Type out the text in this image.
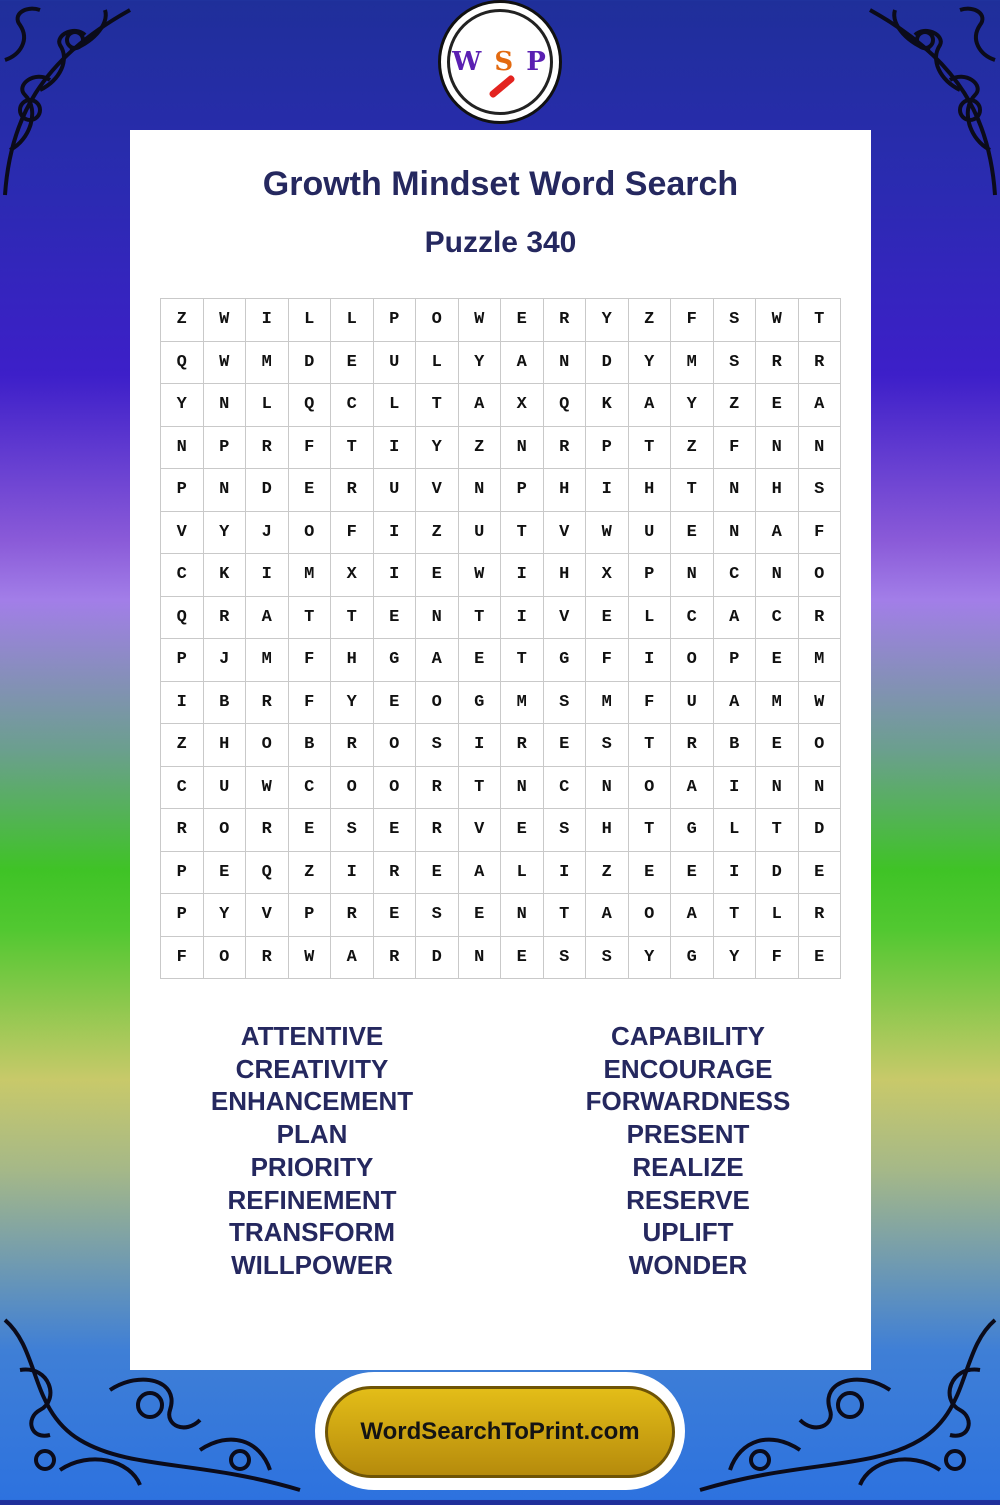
W S P
Growth Mindset Word Search
Puzzle 340
Z	W	I	L	L	P	O	W	E	R	Y	Z	F	S	W	T
Q	W	M	D	E	U	L	Y	A	N	D	Y	M	S	R	R
Y	N	L	Q	C	L	T	A	X	Q	K	A	Y	Z	E	A
N	P	R	F	T	I	Y	Z	N	R	P	T	Z	F	N	N
P	N	D	E	R	U	V	N	P	H	I	H	T	N	H	S
V	Y	J	O	F	I	Z	U	T	V	W	U	E	N	A	F
C	K	I	M	X	I	E	W	I	H	X	P	N	C	N	O
Q	R	A	T	T	E	N	T	I	V	E	L	C	A	C	R
P	J	M	F	H	G	A	E	T	G	F	I	O	P	E	M
I	B	R	F	Y	E	O	G	M	S	M	F	U	A	M	W
Z	H	O	B	R	O	S	I	R	E	S	T	R	B	E	O
C	U	W	C	O	O	R	T	N	C	N	O	A	I	N	N
R	O	R	E	S	E	R	V	E	S	H	T	G	L	T	D
P	E	Q	Z	I	R	E	A	L	I	Z	E	E	I	D	E
P	Y	V	P	R	E	S	E	N	T	A	O	A	T	L	R
F	O	R	W	A	R	D	N	E	S	S	Y	G	Y	F	E
ATTENTIVE
CREATIVITY
ENHANCEMENT
PLAN
PRIORITY
REFINEMENT
TRANSFORM
WILLPOWER
CAPABILITY
ENCOURAGE
FORWARDNESS
PRESENT
REALIZE
RESERVE
UPLIFT
WONDER
WordSearchToPrint.com
